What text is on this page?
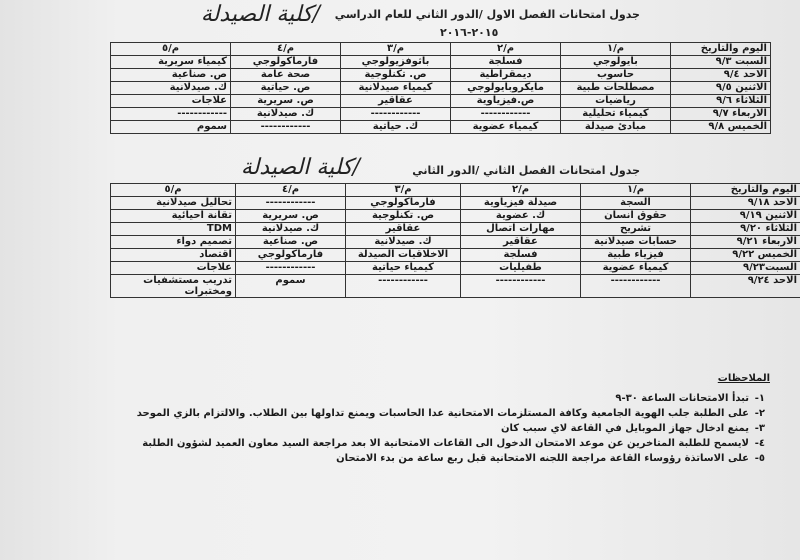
/كلية الصيدلة	جدول امتحانات الفصل الاول /الدور الثاني للعام الدراسي
٢٠١٥-٢٠١٦
اليوم والتاريخ	م/١	م/٢	م/٣	م/٤	م/٥
السبت ٩/٣	بايولوجي	فسلجة	باثوفزيولوجي	فارماكولوجي	كيمياء سريرية
الاحد ٩/٤	حاسوب	ديمقراطية	ص. تكنلوجية	صحة عامة	ص. صناعية
الاثنين ٩/٥	مصطلحات طبية	مايكروبايولوجي	كيمياء صيدلانية	ص. حياتية	ك. صيدلانية
الثلاثاء ٩/٦	رياضيات	ص.فيزياوية	عقاقير	ص. سريرية	علاجات
الاربعاء ٩/٧	كيمياء تحليلية	------------	------------	ك. صيدلانية	------------
الخميس ٩/٨	مبادئ صيدلة	كيمياء عضوية	ك. حياتية	------------	سموم
/كلية الصيدلة	جدول امتحانات الفصل الثاني /الدور الثاني
اليوم والتاريخ	م/١	م/٢	م/٣	م/٤	م/٥
الاحد ٩/١٨	السجة	صيدلة فيزياوية	فارماكولوجي	------------	تحاليل صيدلانية
الاثنين ٩/١٩	حقوق انسان	ك. عضوية	ص. تكنلوجية	ص. سريرية	تقانة احيائية
الثلاثاء ٩/٢٠	تشريح	مهارات اتصال	عقاقير	ك. صيدلانية	TDM
الاربعاء ٩/٢١	حسابات صيدلانية	عقاقير	ك. صيدلانية	ص. صناعية	تصميم دواء
الخميس ٩/٢٢	فيزياء طبية	فسلجة	الاخلاقيات الصيدلة	فارماكولوجي	اقتصاد
السبت٩/٢٣	كيمياء عضوية	طفيليات	كيمياء حياتية	------------	علاجات
الاحد ٩/٢٤	------------	------------	------------	سموم	تدريب مستشفيات ومختبرات
الملاحظات
١-تبدأ الامتحانات الساعة ٣٠-٩
٢-على الطلبة جلب الهوية الجامعية وكافة المستلزمات الامتحانية عدا الحاسبات ويمنع تداولها بين الطلاب. والالتزام بالزي الموحد
٣-يمنع ادخال جهاز الموبايل في القاعة لاي سبب كان
٤-لايسمح للطلبة المتاخرين عن موعد الامتحان الدخول الى القاعات الامتحانية الا بعد مراجعة السيد معاون العميد لشؤون الطلبة
٥-على الاساتذة رؤوساء القاعة مراجعة اللجنه الامتحانية قبل ربع ساعة من بدء الامتحان
